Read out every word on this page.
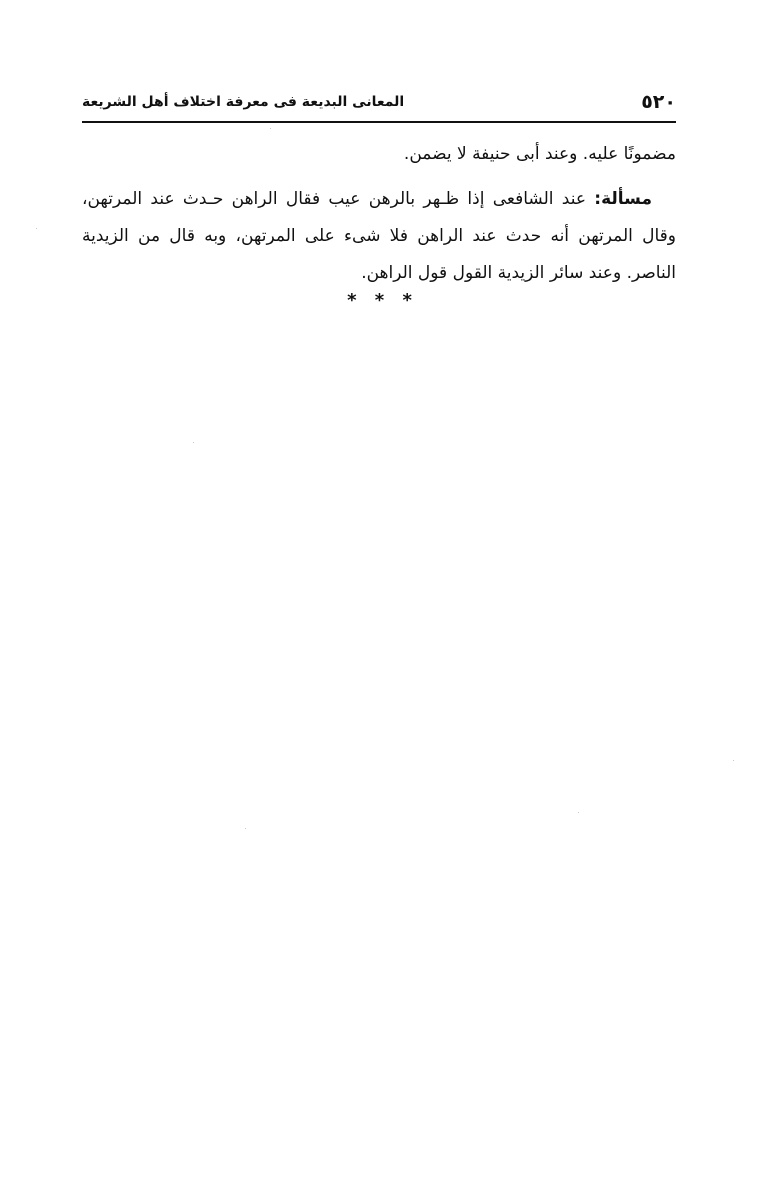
٥٢٠
المعانى البديعة فى معرفة اختلاف أهل الشريعة

مضمونًا عليه. وعند أبى حنيفة لا يضمن.

مسألة: عند الشافعى إذا ظـهر بالرهن عيب فقال الراهن حـدث عند المرتهن، وقال المرتهن أنه حدث عند الراهن فلا شىء على المرتهن، وبه قال من الزيدية الناصر. وعند سائر الزيدية القول قول الراهن.

* * *
